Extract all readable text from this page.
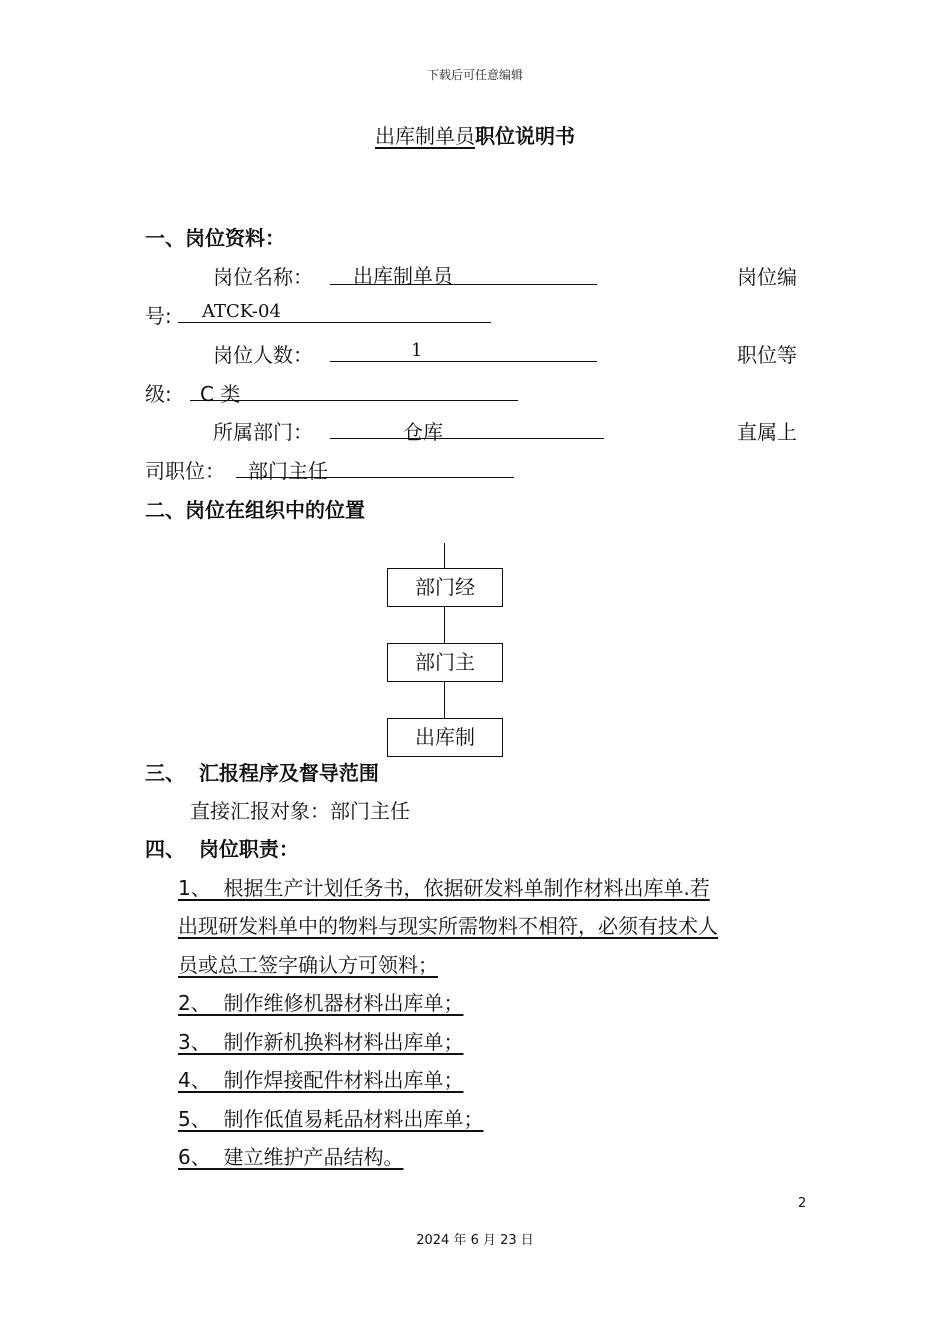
下载后可任意编辑
出库制单员职位说明书
一、岗位资料：
岗位名称： 出库制单员	岗位编
号: ATCK-04
岗位人数：	1	职位等
级: C 类
所属部门：	仓库	直属上
司职位： 部门主任
二、岗位在组织中的位置
部门经
部门主
出库制
三、  汇报程序及督导范围
直接汇报对象：部门主任
四、  岗位职责：
1、  根据生产计划任务书，依据研发料单制作材料出库单.若
出现研发料单中的物料与现实所需物料不相符，必须有技术人
员或总工签字确认方可领料；
2、  制作维修机器材料出库单；
3、  制作新机换料材料出库单；
4、  制作焊接配件材料出库单；
5、  制作低值易耗品材料出库单；
6、  建立维护产品结构。
2
2024 年 6 月 23 日
